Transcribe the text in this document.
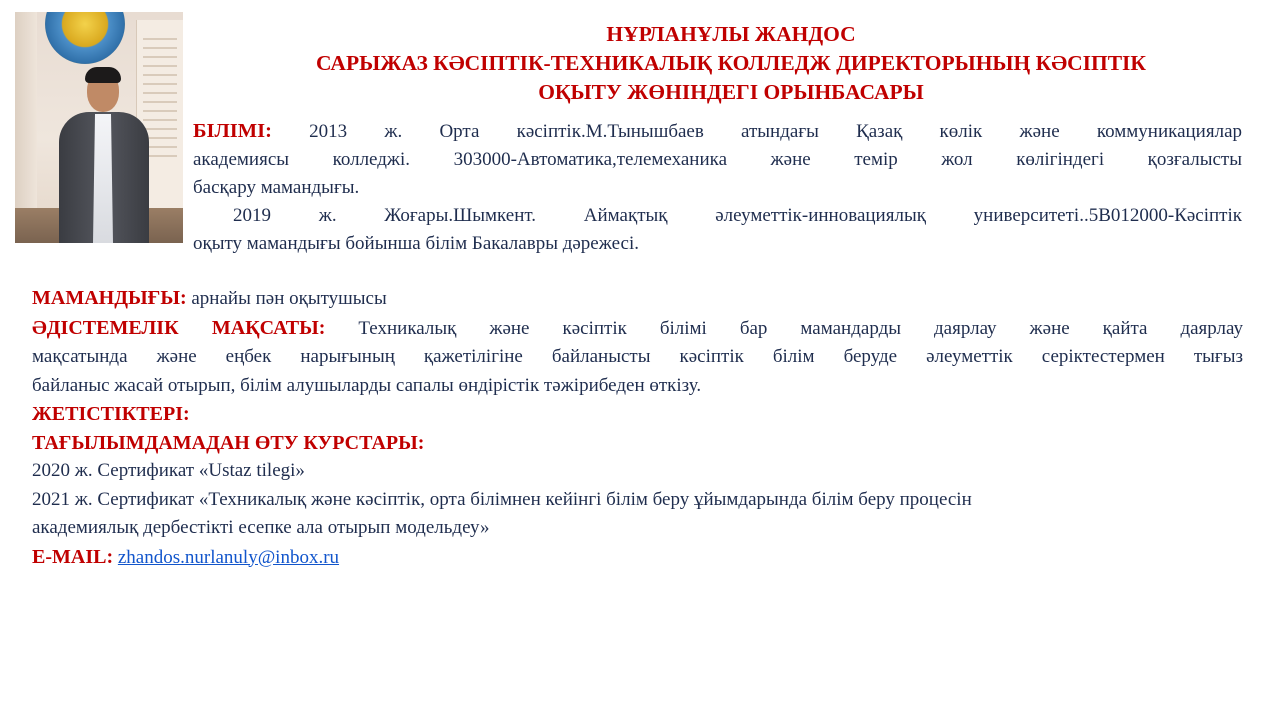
НҰРЛАНҰЛЫ ЖАНДОС
САРЫЖАЗ КӘСІПТІК-ТЕХНИКАЛЫҚ КОЛЛЕДЖ ДИРЕКТОРЫНЫҢ КӘСІПТІК
ОҚЫТУ ЖӨНІНДЕГІ ОРЫНБАСАРЫ
БІЛІМІ: 2013 ж. Орта кәсіптік.М.Тынышбаев атындағы Қазақ көлік және коммуникациялар
академиясы колледжі. 303000-Автоматика,телемеханика және темір жол көлігіндегі қозғалысты
басқару мамандығы.
2019 ж. Жоғары.Шымкент. Аймақтық әлеуметтік-инновациялық университеті..5В012000-Кәсіптік
оқыту мамандығы бойынша білім Бакалавры дәрежесі.
МАМАНДЫҒЫ: арнайы пән оқытушысы
ӘДІСТЕМЕЛІК МАҚСАТЫ: Техникалық және кәсіптік білімі бар мамандарды даярлау және қайта даярлау
мақсатында және еңбек нарығының қажетілігіне байланысты кәсіптік білім беруде әлеуметтік серіктестермен тығыз
байланыс жасай отырып, білім алушыларды сапалы өндірістік тәжірибеден өткізу.
ЖЕТІСТІКТЕРІ:
ТАҒЫЛЫМДАМАДАН ӨТУ КУРСТАРЫ:
2020 ж. Сертификат «Ustaz tilegi»
2021 ж. Сертификат «Техникалық және кәсіптік, орта білімнен кейінгі білім беру ұйымдарында білім беру процесін
академиялық дербестікті есепке ала отырып модельдеу»
E-MAIL: zhandos.nurlanuly@inbox.ru
